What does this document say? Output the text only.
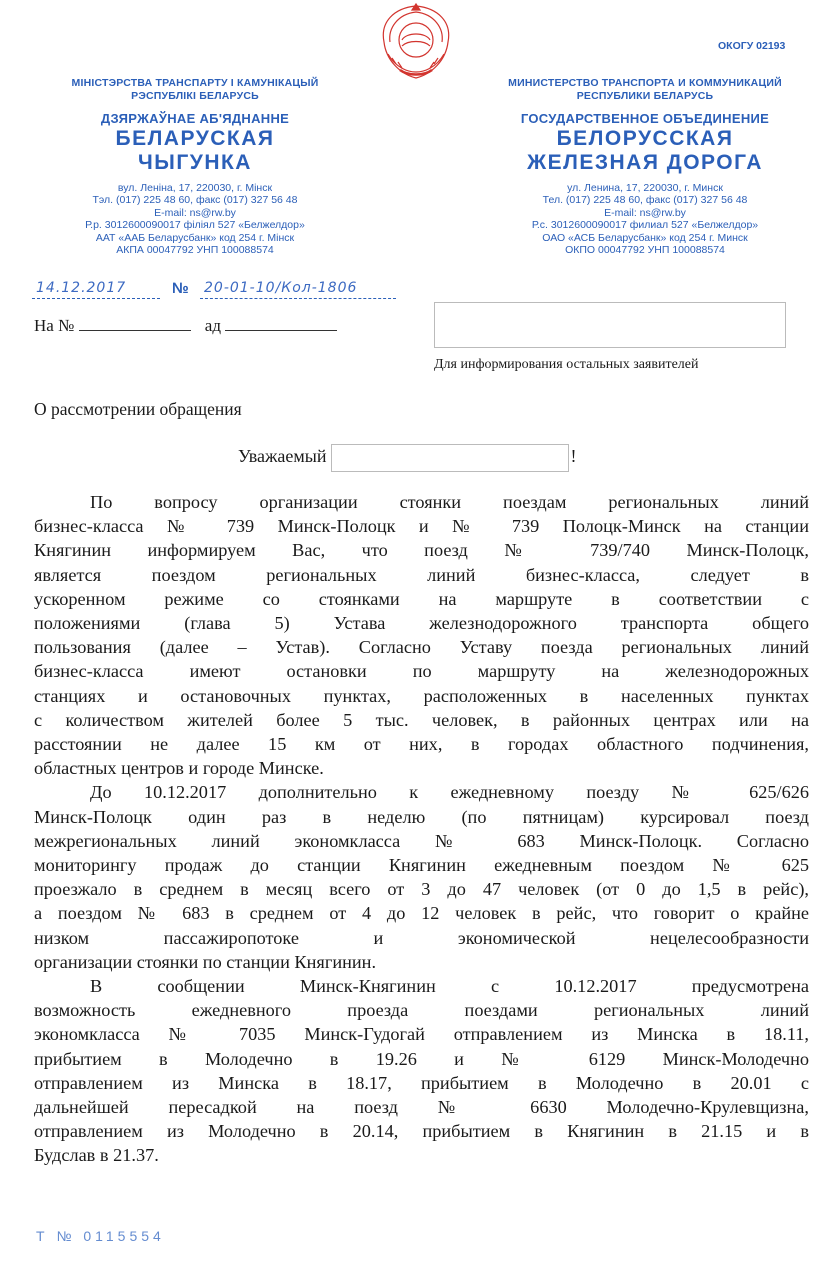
ОКОГУ 02193
МІНІСТЭРСТВА ТРАНСПАРТУ І КАМУНІКАЦЫЙ
РЭСПУБЛІКІ БЕЛАРУСЬ
ДЗЯРЖАЎНАЕ АБ'ЯДНАННЕ
БЕЛАРУСКАЯ
ЧЫГУНКА
вул. Леніна, 17, 220030, г. Мінск
Тэл. (017) 225 48 60, факс (017) 327 56 48
E-mail: ns@rw.by
Р.р. 3012600090017 філіял 527 «Белжелдор»
ААТ «ААБ Беларусбанк» код 254 г. Мінск
АКПА 00047792 УНП 100088574
МИНИСТЕРСТВО ТРАНСПОРТА И КОММУНИКАЦИЙ
РЕСПУБЛИКИ БЕЛАРУСЬ
ГОСУДАРСТВЕННОЕ ОБЪЕДИНЕНИЕ
БЕЛОРУССКАЯ
ЖЕЛЕЗНАЯ ДОРОГА
ул. Ленина, 17, 220030, г. Минск
Тел. (017) 225 48 60, факс (017) 327 56 48
E-mail: ns@rw.by
Р.с. 3012600090017 филиал 527 «Белжелдор»
ОАО «АСБ Беларусбанк» код 254 г. Минск
ОКПО 00047792 УНП 100088574
14.12.2017	№ 20-01-10/Кол-1806
На №	ад
Для информирования остальных заявителей
О рассмотрении обращения
Уважаемый	!

По вопросу организации стоянки поездам региональных линий
бизнес-класса № 739 Минск-Полоцк и № 739 Полоцк-Минск на станции
Княгинин информируем Вас, что поезд № 739/740 Минск-Полоцк,
является поездом региональных линий бизнес-класса, следует в
ускоренном режиме со стоянками на маршруте в соответствии с
положениями (глава 5) Устава железнодорожного транспорта общего
пользования (далее – Устав). Согласно Уставу поезда региональных линий
бизнес-класса имеют остановки по маршруту на железнодорожных
станциях и остановочных пунктах, расположенных в населенных пунктах
с количеством жителей более 5 тыс. человек, в районных центрах или на
расстоянии не далее 15 км от них, в городах областного подчинения,
областных центров и городе Минске.

До 10.12.2017 дополнительно к ежедневному поезду № 625/626
Минск-Полоцк один раз в неделю (по пятницам) курсировал поезд
межрегиональных линий экономкласса № 683 Минск-Полоцк. Согласно
мониторингу продаж до станции Княгинин ежедневным поездом № 625
проезжало в среднем в месяц всего от 3 до 47 человек (от 0 до 1,5 в рейс),
а поездом № 683 в среднем от 4 до 12 человек в рейс, что говорит о крайне
низком пассажиропотоке и экономической нецелесообразности
организации стоянки по станции Княгинин.

В сообщении Минск-Княгинин с 10.12.2017 предусмотрена
возможность ежедневного проезда поездами региональных линий
экономкласса № 7035 Минск-Гудогай отправлением из Минска в 18.11,
прибытием в Молодечно в 19.26 и № 6129 Минск-Молодечно
отправлением из Минска в 18.17, прибытием в Молодечно в 20.01 с
дальнейшей пересадкой на поезд № 6630 Молодечно-Крулевщизна,
отправлением из Молодечно в 20.14, прибытием в Княгинин в 21.15 и в
Будслав в 21.37.

Т № 0115554
